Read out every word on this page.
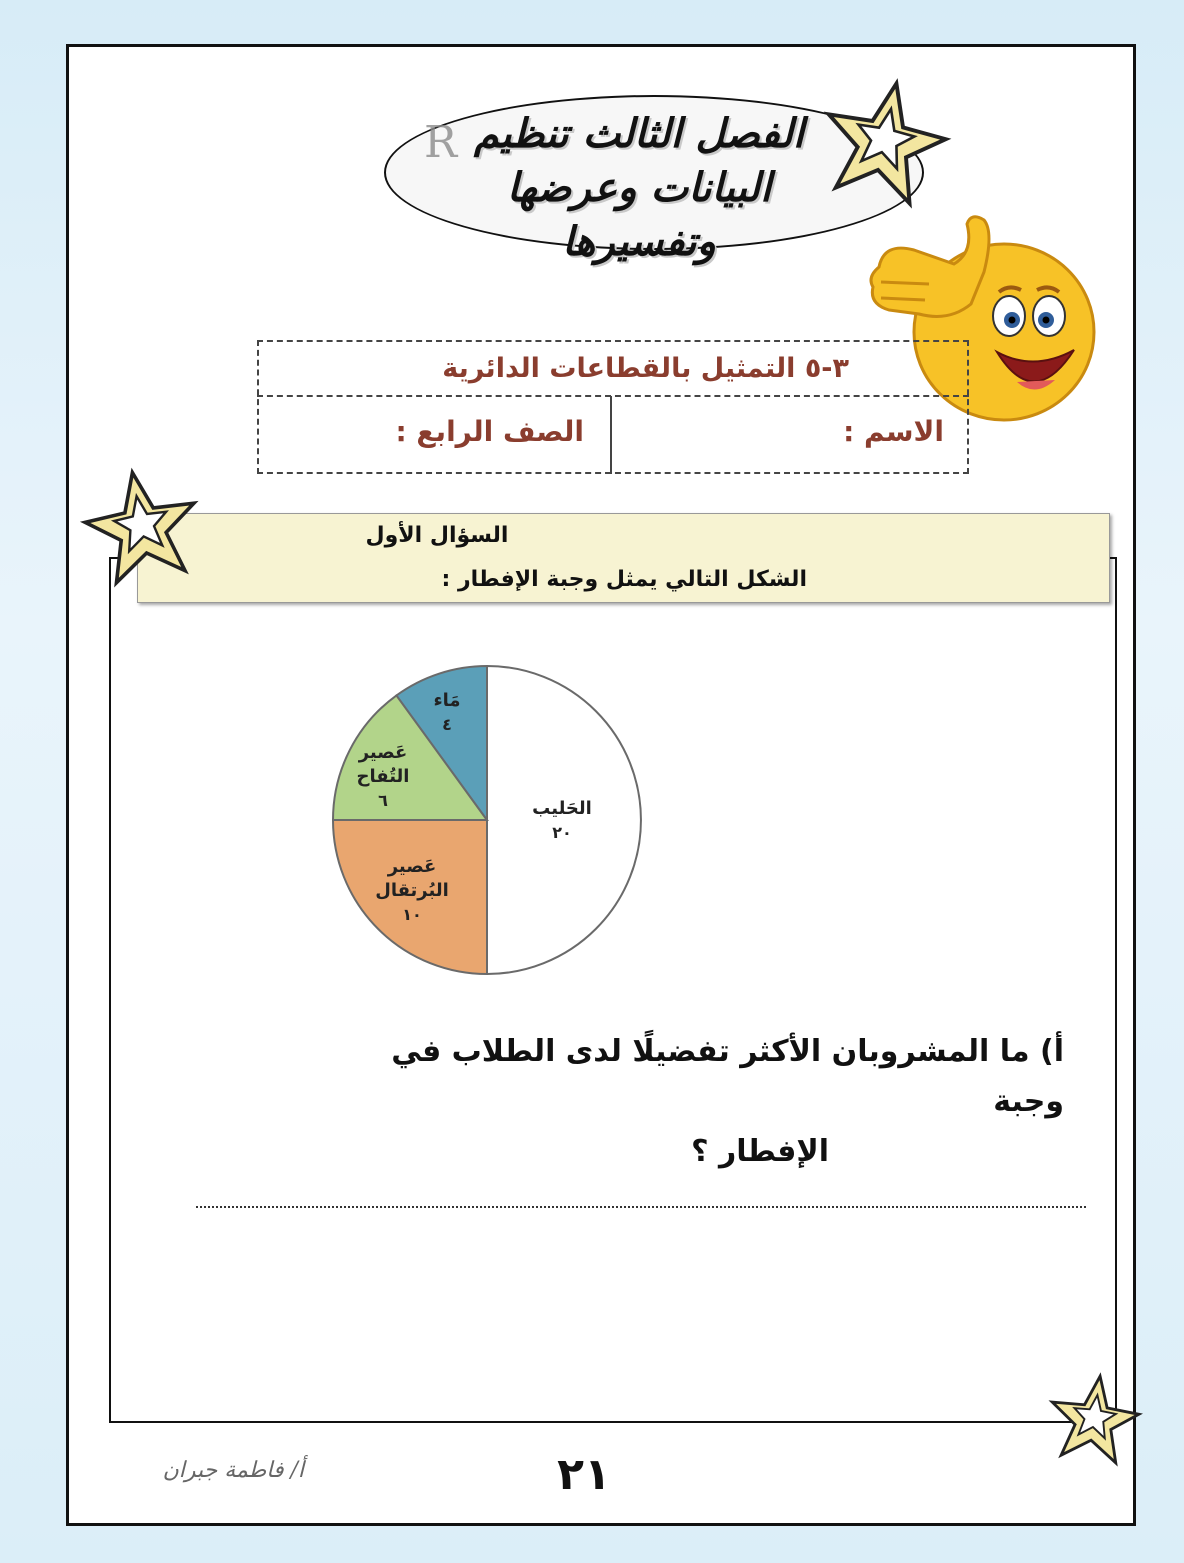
R الفصل الثالث تنظيم
البيانات وعرضها وتفسيرها
٣-٥ التمثيل بالقطاعات الدائرية
الاسم :
الصف الرابع :
السؤال الأول
الشكل التالي يمثل وجبة الإفطار :
الحَليب
٢٠
عَصير
البُرتقال
١٠
عَصير
التُفاح
٦
مَاء
٤
أ) ما المشروبان الأكثر تفضيلًا لدى الطلاب في وجبة
الإفطار ؟
٢١
أ/ فاطمة جبران
